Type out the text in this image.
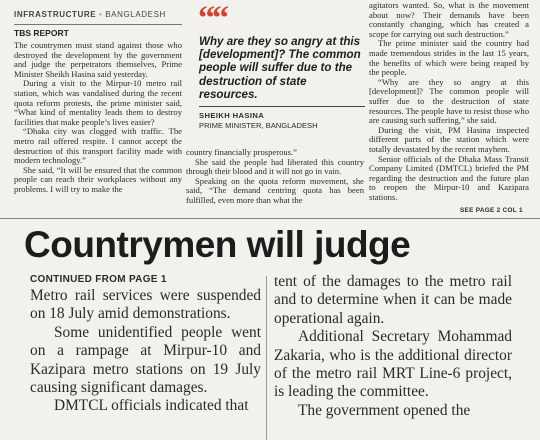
INFRASTRUCTURE • BANGLADESH
TBS REPORT

The countrymen must stand against those who destroyed the development by the government and judge the perpetrators themselves, Prime Minister Sheikh Hasina said yesterday.

During a visit to the Mirpur-10 metro rail station, which was vandalised during the recent quota reform protests, the prime minister said, “What kind of mentality leads them to destroy facilities that make people’s lives easier?

“Dhaka city was clogged with traffic. The metro rail offered respite. I cannot accept the destruction of this transport facility made with modern technology.”

She said, “It will be ensured that the common people can reach their workplaces without any problems. I will try to make the

““
Why are they so angry at this [development]? The common people will suffer due to the destruction of state resources.
SHEIKH HASINA
PRIME MINISTER, BANGLADESH

country financially prosperous.”

She said the people had liberated this country through their blood and it will not go in vain.

Speaking on the quota reform movement, she said, “The demand centring quota has been fulfilled, even more than what the

agitators wanted. So, what is the movement about now? Their demands have been constantly changing, which has created a scope for carrying out such destruction.”

The prime minister said the country had made tremendous strides in the last 15 years, the benefits of which were being reaped by the people.

“Why are they so angry at this [development]? The common people will suffer due to the destruction of state resources. The people have to resist those who are causing such suffering,” she said.

During the visit, PM Hasina inspected different parts of the station which were totally devastated by the recent mayhem.

Senior officials of the Dhaka Mass Transit Company Limited (DMTCL) briefed the PM regarding the destruction and the future plan to reopen the Mirpur-10 and Kazipara stations.

SEE PAGE 2 COL 1
Countrymen will judge
CONTINUED FROM PAGE 1

Metro rail services were suspended on 18 July amid demonstrations.

Some unidentified people went on a rampage at Mirpur-10 and Kazipara metro stations on 19 July causing significant damages.

DMTCL officials indicated that

tent of the damages to the metro rail and to determine when it can be made operational again.

Additional Secretary Mohammad Zakaria, who is the additional director of the metro rail MRT Line-6 project, is leading the committee.

The government opened the
